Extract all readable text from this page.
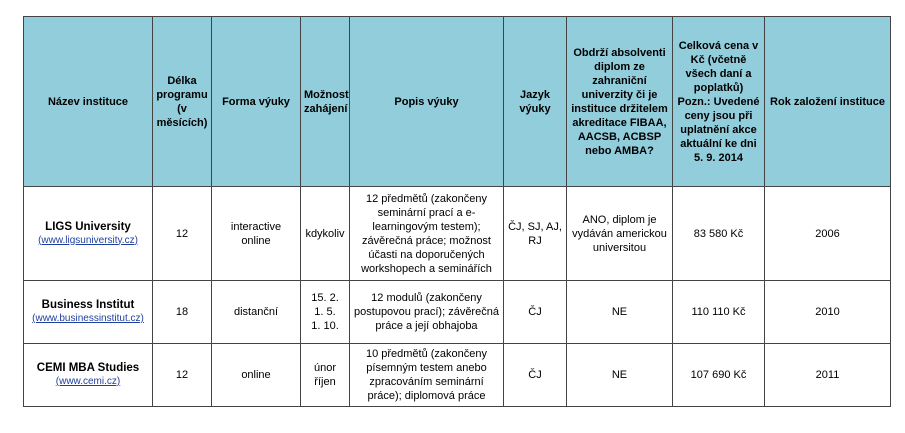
Název instituce	Délka programu (v měsících)	Forma výuky	Možnost zahájení	Popis výuky	Jazyk výuky	Obdrží absolventi diplom ze zahraniční univerzity či je instituce držitelem akreditace FIBAA, AACSB, ACBSP nebo AMBA?	Celková cena v Kč (včetně všech daní a poplatků) Pozn.: Uvedené ceny jsou při uplatnění akce aktuální ke dni 5. 9. 2014	Rok založení instituce

LIGS University
(www.ligsuniversity.cz)	12	interactive online	kdykoliv	12 předmětů (zakončeny seminární prací a e-learningovým testem); závěrečná práce; možnost účasti na doporučených workshopech a seminářích	ČJ, SJ, AJ, RJ	ANO, diplom je vydáván americkou universitou	83 580 Kč	2006

Business Institut
(www.businessinstitut.cz)	18	distanční	15. 2.
1. 5.
1. 10.	12 modulů (zakončeny postupovou prací); závěrečná práce a její obhajoba	ČJ	NE	110 110 Kč	2010

CEMI MBA Studies
(www.cemi.cz)	12	online	únor
říjen	10 předmětů (zakončeny písemným testem anebo zpracováním seminární práce); diplomová práce	ČJ	NE	107 690 Kč	2011
